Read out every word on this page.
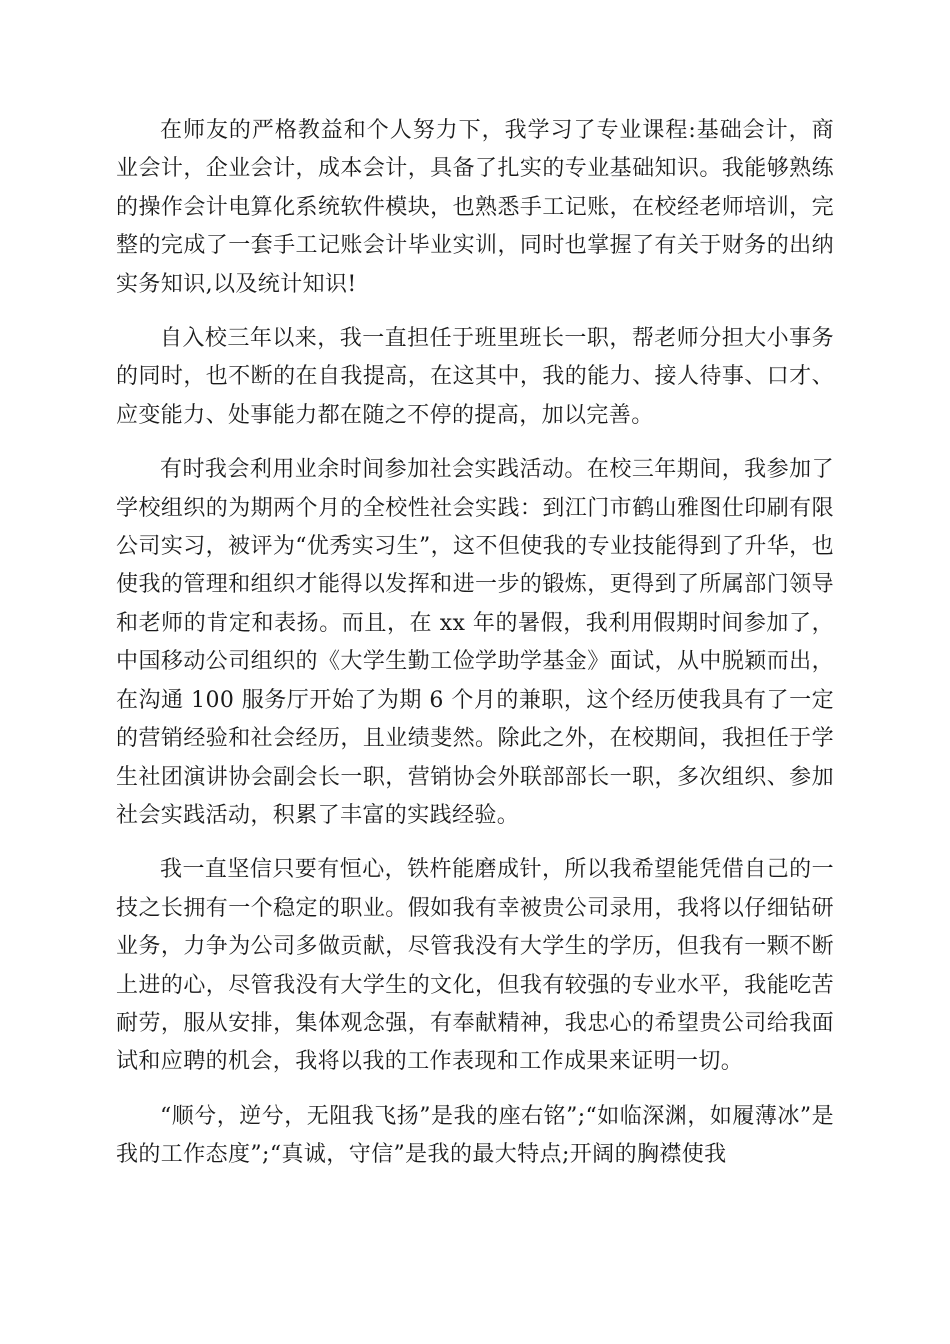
在师友的严格教益和个人努力下，我学习了专业课程:基础会计，商业会计，企业会计，成本会计，具备了扎实的专业基础知识。我能够熟练的操作会计电算化系统软件模块，也熟悉手工记账，在校经老师培训，完整的完成了一套手工记账会计毕业实训，同时也掌握了有关于财务的出纳实务知识,以及统计知识!

自入校三年以来，我一直担任于班里班长一职，帮老师分担大小事务的同时，也不断的在自我提高，在这其中，我的能力、接人待事、口才、应变能力、处事能力都在随之不停的提高，加以完善。

有时我会利用业余时间参加社会实践活动。在校三年期间，我参加了学校组织的为期两个月的全校性社会实践：到江门市鹤山雅图仕印刷有限公司实习，被评为“优秀实习生”，这不但使我的专业技能得到了升华，也使我的管理和组织才能得以发挥和进一步的锻炼，更得到了所属部门领导和老师的肯定和表扬。而且，在 xx 年的暑假，我利用假期时间参加了，中国移动公司组织的《大学生勤工俭学助学基金》面试，从中脱颖而出，在沟通 100 服务厅开始了为期 6 个月的兼职，这个经历使我具有了一定的营销经验和社会经历，且业绩斐然。除此之外，在校期间，我担任于学生社团演讲协会副会长一职，营销协会外联部部长一职，多次组织、参加社会实践活动，积累了丰富的实践经验。

我一直坚信只要有恒心，铁杵能磨成针，所以我希望能凭借自己的一技之长拥有一个稳定的职业。假如我有幸被贵公司录用，我将以仔细钻研业务，力争为公司多做贡献，尽管我没有大学生的学历，但我有一颗不断上进的心，尽管我没有大学生的文化，但我有较强的专业水平，我能吃苦耐劳，服从安排，集体观念强，有奉献精神，我忠心的希望贵公司给我面试和应聘的机会，我将以我的工作表现和工作成果来证明一切。

“顺兮，逆兮，无阻我飞扬”是我的座右铭”;“如临深渊，如履薄冰”是我的工作态度”;“真诚，守信”是我的最大特点;开阔的胸襟使我
